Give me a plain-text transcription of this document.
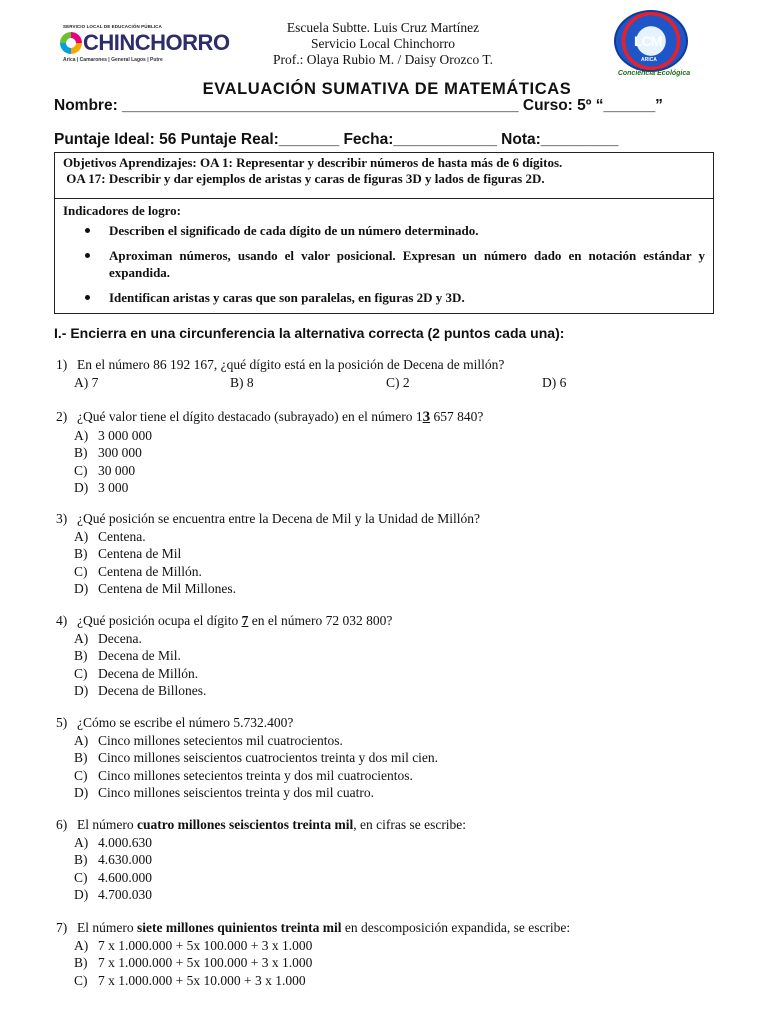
SERVICIO LOCAL DE EDUCACIÓN PÚBLICA
CHINCHORRO
Arica | Camarones | General Lagos | Putre
Escuela Subtte. Luis Cruz Martínez
Servicio Local Chinchorro
Prof.: Olaya Rubio M. / Daisy Orozco T.
LCM
ARICA
Conciencia Ecológica
EVALUACIÓN SUMATIVA DE MATEMÁTICAS
Nombre: ______________________________________________ Curso: 5º “______”
Puntaje Ideal: 56 Puntaje Real:_______ Fecha:____________ Nota:_________
Objetivos Aprendizajes: OA 1: Representar y describir números de hasta más de 6 dígitos.
OA 17: Describir y dar ejemplos de aristas y caras de figuras 3D y lados de figuras 2D.
Indicadores de logro:
Describen el significado de cada dígito de un número determinado.
Aproximan números, usando el valor posicional. Expresan un número dado en notación estándar y expandida.
Identifican aristas y caras que son paralelas, en figuras 2D y 3D.
I.- Encierra en una circunferencia la alternativa correcta (2 puntos cada una):
1) En el número 86 192 167, ¿qué dígito está en la posición de Decena de millón?
A) 7	B) 8	C) 2	D) 6
2) ¿Qué valor tiene el dígito destacado (subrayado) en el número 13 657 840?
A) 3 000 000
B) 300 000
C) 30 000
D) 3 000
3) ¿Qué posición se encuentra entre la Decena de Mil y la Unidad de Millón?
A) Centena.
B) Centena de Mil
C) Centena de Millón.
D) Centena de Mil Millones.
4) ¿Qué posición ocupa el dígito 7 en el número 72 032 800?
A) Decena.
B) Decena de Mil.
C) Decena de Millón.
D) Decena de Billones.
5) ¿Cómo se escribe el número 5.732.400?
A) Cinco millones setecientos mil cuatrocientos.
B) Cinco millones seiscientos cuatrocientos treinta y dos mil cien.
C) Cinco millones setecientos treinta y dos mil cuatrocientos.
D) Cinco millones seiscientos treinta y dos mil cuatro.
6) El número cuatro millones seiscientos treinta mil, en cifras se escribe:
A) 4.000.630
B) 4.630.000
C) 4.600.000
D) 4.700.030
7) El número siete millones quinientos treinta mil en descomposición expandida, se escribe:
A) 7 x 1.000.000 + 5x 100.000 + 3 x 1.000
B) 7 x 1.000.000 + 5x 100.000 + 3 x 1.000
C) 7 x 1.000.000 + 5x 10.000 + 3 x 1.000
